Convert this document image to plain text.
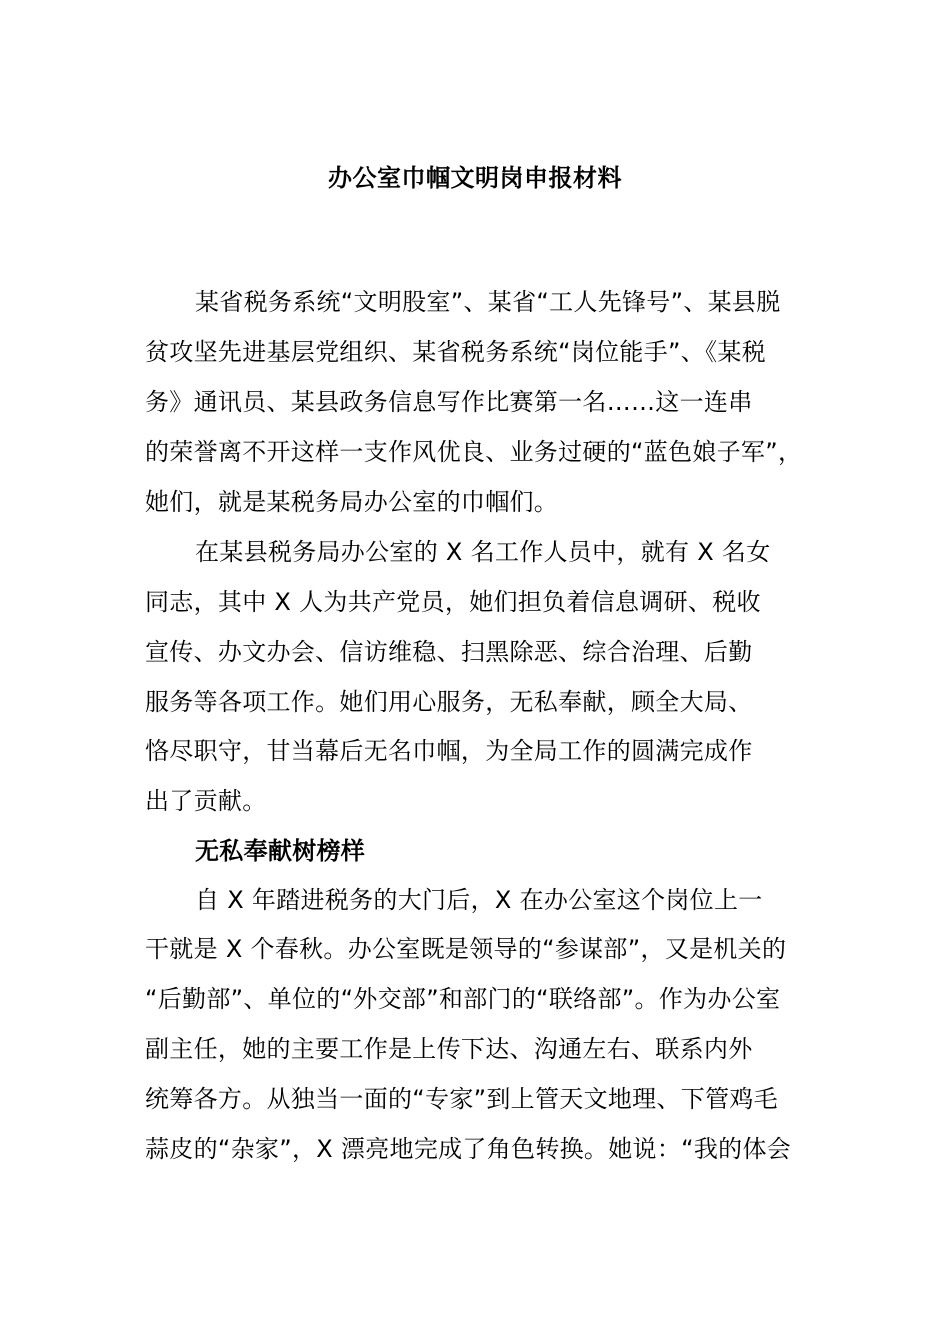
办公室巾帼文明岗申报材料
某省税务系统“文明股室”、某省“工人先锋号”、某县脱
贫攻坚先进基层党组织、某省税务系统“岗位能手”、《某税
务》通讯员、某县政务信息写作比赛第一名……这一连串
的荣誉离不开这样一支作风优良、业务过硬的“蓝色娘子军”，
她们，就是某税务局办公室的巾帼们。
在某县税务局办公室的 X 名工作人员中，就有 X 名女
同志，其中 X 人为共产党员，她们担负着信息调研、税收
宣传、办文办会、信访维稳、扫黑除恶、综合治理、后勤
服务等各项工作。她们用心服务，无私奉献，顾全大局、
恪尽职守，甘当幕后无名巾帼，为全局工作的圆满完成作
出了贡献。
无私奉献树榜样
自 X 年踏进税务的大门后，X 在办公室这个岗位上一
干就是 X 个春秋。办公室既是领导的“参谋部”，又是机关的
“后勤部”、单位的“外交部”和部门的“联络部”。作为办公室
副主任，她的主要工作是上传下达、沟通左右、联系内外
统筹各方。从独当一面的“专家”到上管天文地理、下管鸡毛
蒜皮的“杂家”，X 漂亮地完成了角色转换。她说：“我的体会
